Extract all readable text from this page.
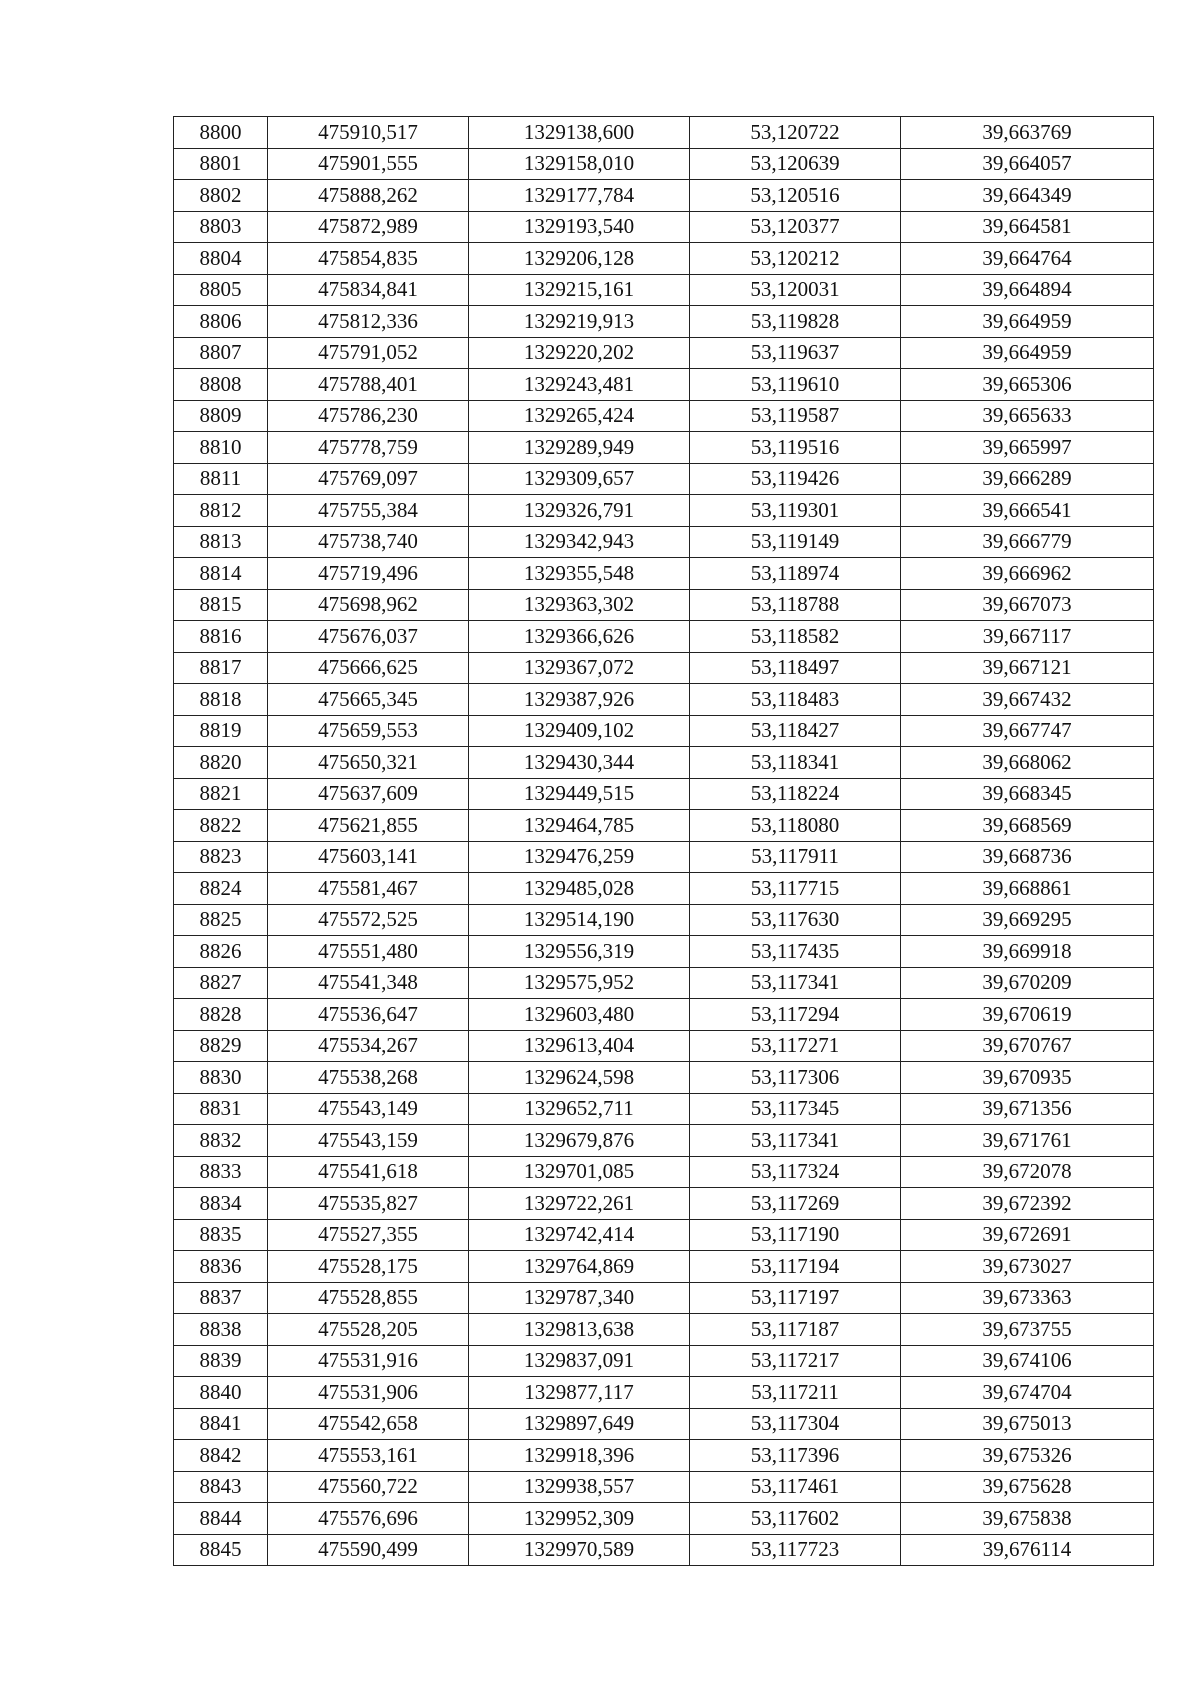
8800	475910,517	1329138,600	53,120722	39,663769
8801	475901,555	1329158,010	53,120639	39,664057
8802	475888,262	1329177,784	53,120516	39,664349
8803	475872,989	1329193,540	53,120377	39,664581
8804	475854,835	1329206,128	53,120212	39,664764
8805	475834,841	1329215,161	53,120031	39,664894
8806	475812,336	1329219,913	53,119828	39,664959
8807	475791,052	1329220,202	53,119637	39,664959
8808	475788,401	1329243,481	53,119610	39,665306
8809	475786,230	1329265,424	53,119587	39,665633
8810	475778,759	1329289,949	53,119516	39,665997
8811	475769,097	1329309,657	53,119426	39,666289
8812	475755,384	1329326,791	53,119301	39,666541
8813	475738,740	1329342,943	53,119149	39,666779
8814	475719,496	1329355,548	53,118974	39,666962
8815	475698,962	1329363,302	53,118788	39,667073
8816	475676,037	1329366,626	53,118582	39,667117
8817	475666,625	1329367,072	53,118497	39,667121
8818	475665,345	1329387,926	53,118483	39,667432
8819	475659,553	1329409,102	53,118427	39,667747
8820	475650,321	1329430,344	53,118341	39,668062
8821	475637,609	1329449,515	53,118224	39,668345
8822	475621,855	1329464,785	53,118080	39,668569
8823	475603,141	1329476,259	53,117911	39,668736
8824	475581,467	1329485,028	53,117715	39,668861
8825	475572,525	1329514,190	53,117630	39,669295
8826	475551,480	1329556,319	53,117435	39,669918
8827	475541,348	1329575,952	53,117341	39,670209
8828	475536,647	1329603,480	53,117294	39,670619
8829	475534,267	1329613,404	53,117271	39,670767
8830	475538,268	1329624,598	53,117306	39,670935
8831	475543,149	1329652,711	53,117345	39,671356
8832	475543,159	1329679,876	53,117341	39,671761
8833	475541,618	1329701,085	53,117324	39,672078
8834	475535,827	1329722,261	53,117269	39,672392
8835	475527,355	1329742,414	53,117190	39,672691
8836	475528,175	1329764,869	53,117194	39,673027
8837	475528,855	1329787,340	53,117197	39,673363
8838	475528,205	1329813,638	53,117187	39,673755
8839	475531,916	1329837,091	53,117217	39,674106
8840	475531,906	1329877,117	53,117211	39,674704
8841	475542,658	1329897,649	53,117304	39,675013
8842	475553,161	1329918,396	53,117396	39,675326
8843	475560,722	1329938,557	53,117461	39,675628
8844	475576,696	1329952,309	53,117602	39,675838
8845	475590,499	1329970,589	53,117723	39,676114
